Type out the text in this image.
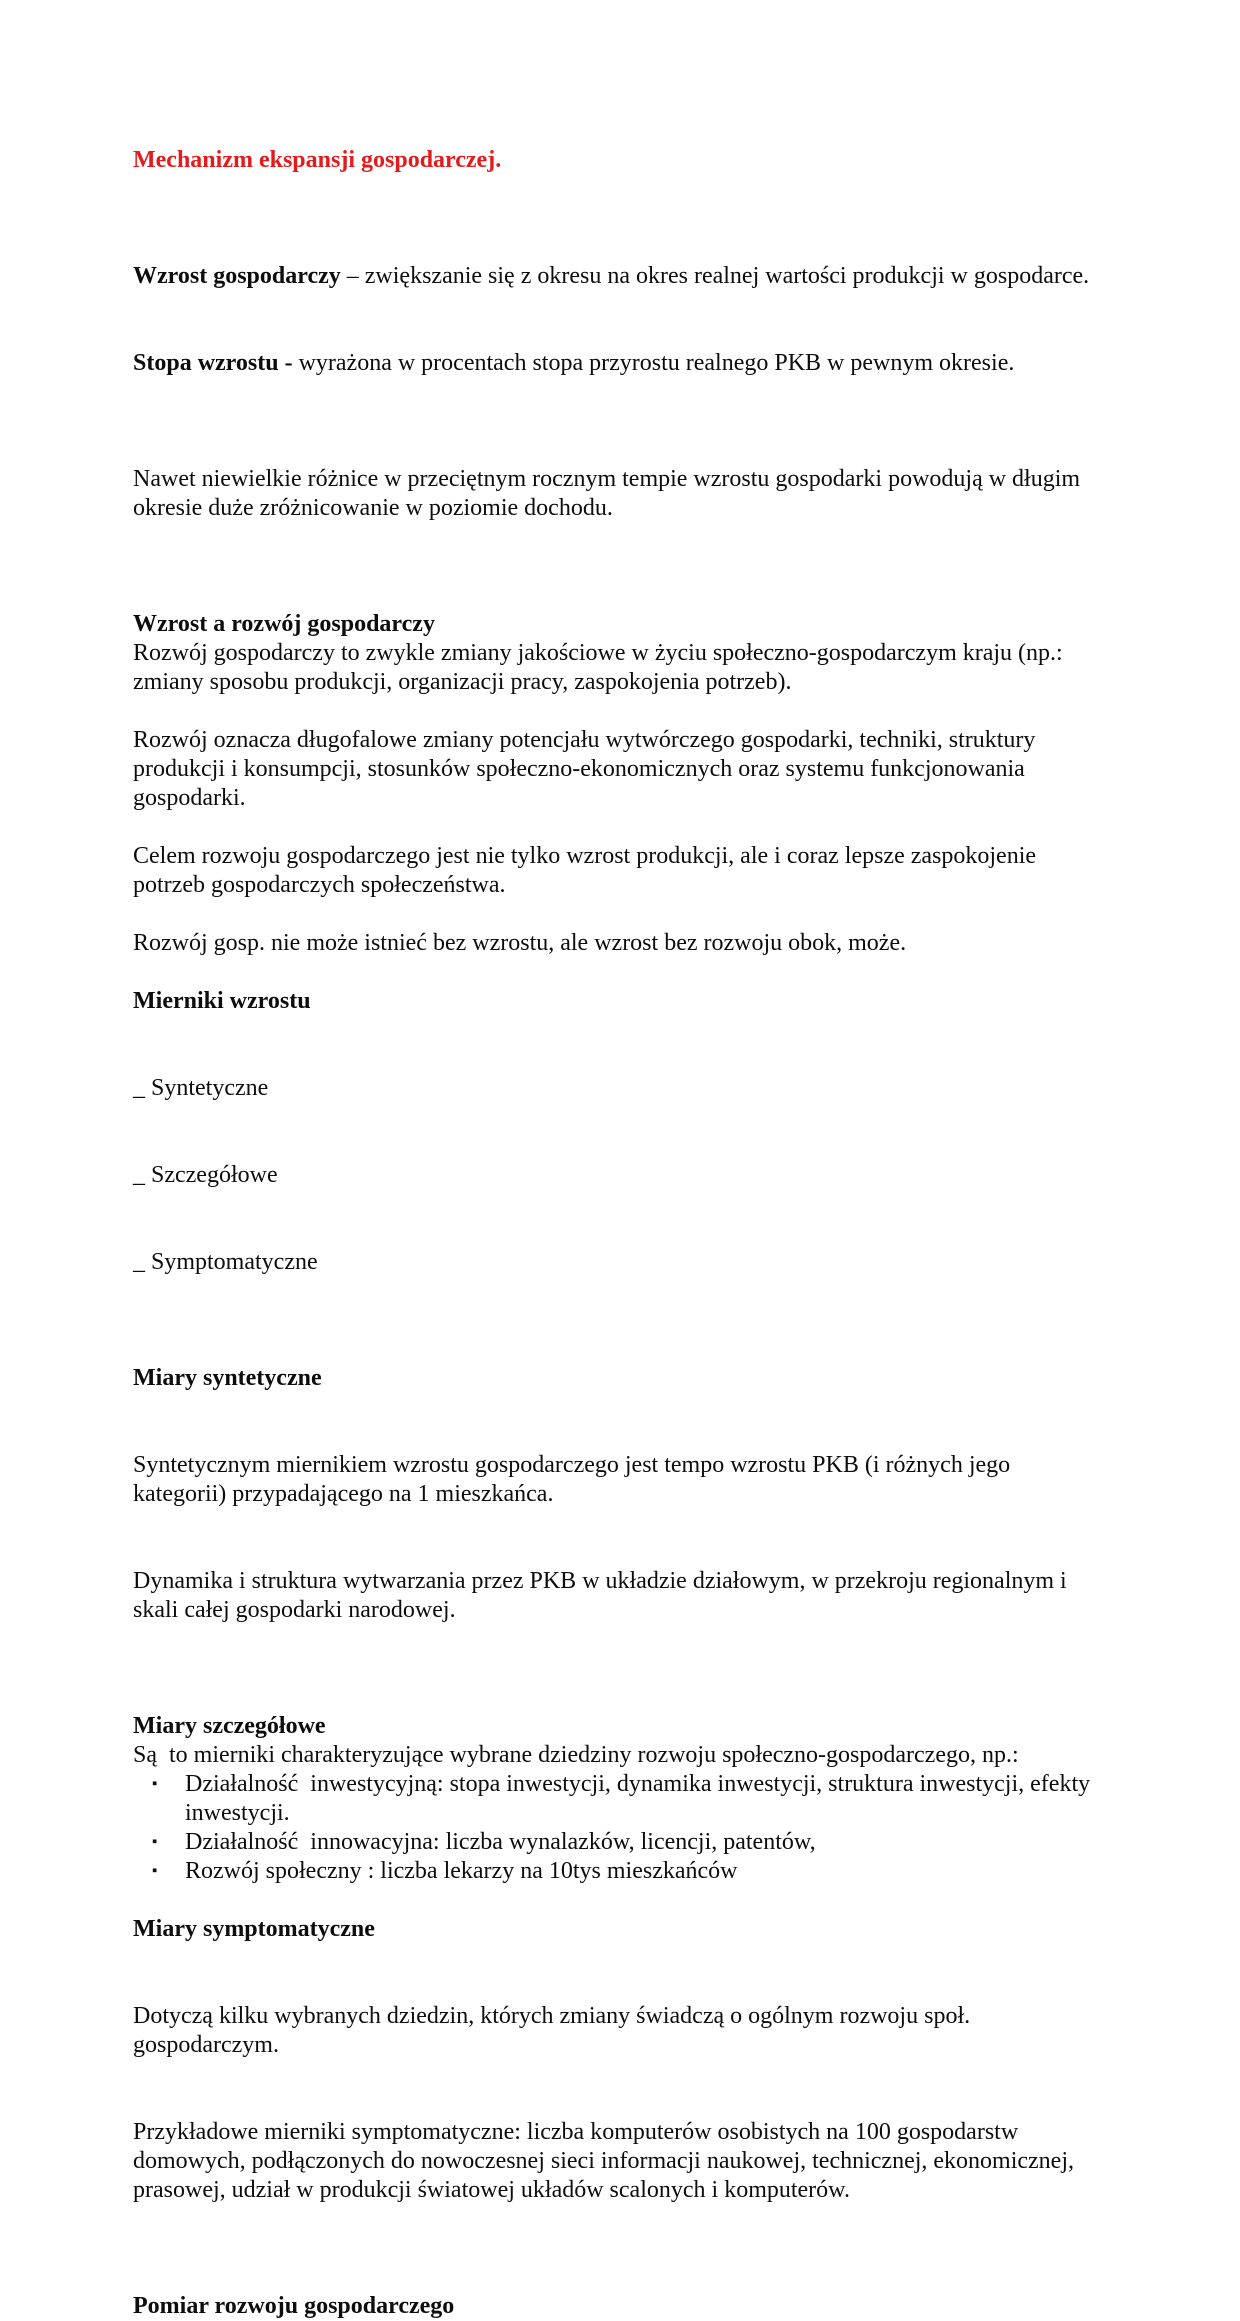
Mechanizm ekspansji gospodarczej.

Wzrost gospodarczy – zwiększanie się z okresu na okres realnej wartości produkcji w gospodarce.

Stopa wzrostu - wyrażona w procentach stopa przyrostu realnego PKB w pewnym okresie.

Nawet niewielkie różnice w przeciętnym rocznym tempie wzrostu gospodarki powodują w długim okresie duże zróżnicowanie w poziomie dochodu.

Wzrost a rozwój gospodarczy

Rozwój gospodarczy to zwykle zmiany jakościowe w życiu społeczno-gospodarczym kraju (np.: zmiany sposobu produkcji, organizacji pracy, zaspokojenia potrzeb).

Rozwój oznacza długofalowe zmiany potencjału wytwórczego gospodarki, techniki, struktury produkcji i konsumpcji, stosunków społeczno-ekonomicznych oraz systemu funkcjonowania gospodarki.

Celem rozwoju gospodarczego jest nie tylko wzrost produkcji, ale i coraz lepsze zaspokojenie potrzeb gospodarczych społeczeństwa.

Rozwój gosp. nie może istnieć bez wzrostu, ale wzrost bez rozwoju obok, może.

Mierniki wzrostu

_ Syntetyczne

_ Szczegółowe

_ Symptomatyczne

Miary syntetyczne

Syntetycznym miernikiem wzrostu gospodarczego jest tempo wzrostu PKB (i różnych jego kategorii) przypadającego na 1 mieszkańca.

Dynamika i struktura wytwarzania przez PKB w układzie działowym, w przekroju regionalnym i skali całej gospodarki narodowej.

Miary szczegółowe

Są  to mierniki charakteryzujące wybrane dziedziny rozwoju społeczno-gospodarczego, np.:

▪ Działalność  inwestycyjną: stopa inwestycji, dynamika inwestycji, struktura inwestycji, efekty inwestycji.
▪ Działalność  innowacyjna: liczba wynalazków, licencji, patentów,
▪ Rozwój społeczny : liczba lekarzy na 10tys mieszkańców
Miary symptomatyczne

Dotyczą kilku wybranych dziedzin, których zmiany świadczą o ogólnym rozwoju społ. gospodarczym.

Przykładowe mierniki symptomatyczne: liczba komputerów osobistych na 100 gospodarstw domowych, podłączonych do nowoczesnej sieci informacji naukowej, technicznej, ekonomicznej, prasowej, udział w produkcji światowej układów scalonych i komputerów.

Pomiar rozwoju gospodarczego
